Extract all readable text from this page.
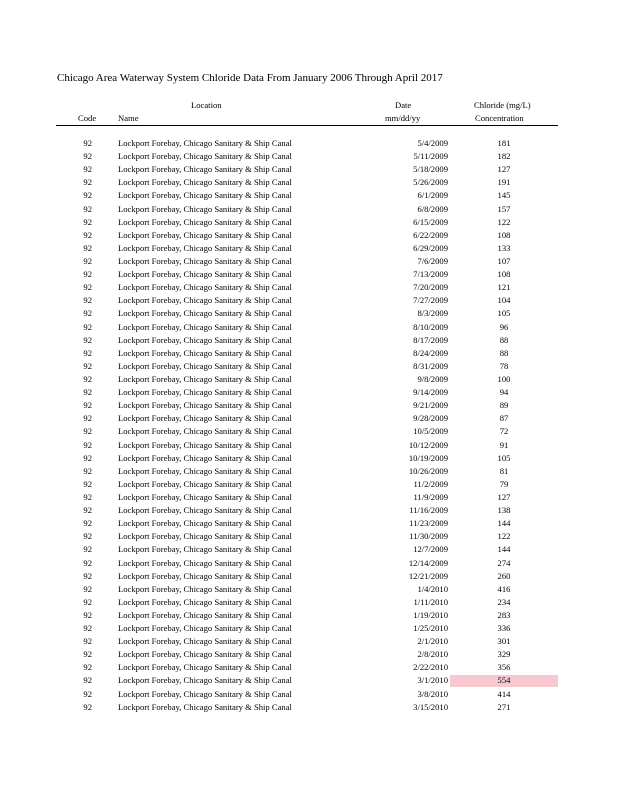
Chicago Area Waterway System Chloride Data From January 2006 Through April 2017
Location	Date	Chloride (mg/L)
Code	Name	mm/dd/yy	Concentration
92	Lockport Forebay, Chicago Sanitary & Ship Canal	5/4/2009	181
92	Lockport Forebay, Chicago Sanitary & Ship Canal	5/11/2009	182
92	Lockport Forebay, Chicago Sanitary & Ship Canal	5/18/2009	127
92	Lockport Forebay, Chicago Sanitary & Ship Canal	5/26/2009	191
92	Lockport Forebay, Chicago Sanitary & Ship Canal	6/1/2009	145
92	Lockport Forebay, Chicago Sanitary & Ship Canal	6/8/2009	157
92	Lockport Forebay, Chicago Sanitary & Ship Canal	6/15/2009	122
92	Lockport Forebay, Chicago Sanitary & Ship Canal	6/22/2009	108
92	Lockport Forebay, Chicago Sanitary & Ship Canal	6/29/2009	133
92	Lockport Forebay, Chicago Sanitary & Ship Canal	7/6/2009	107
92	Lockport Forebay, Chicago Sanitary & Ship Canal	7/13/2009	108
92	Lockport Forebay, Chicago Sanitary & Ship Canal	7/20/2009	121
92	Lockport Forebay, Chicago Sanitary & Ship Canal	7/27/2009	104
92	Lockport Forebay, Chicago Sanitary & Ship Canal	8/3/2009	105
92	Lockport Forebay, Chicago Sanitary & Ship Canal	8/10/2009	96
92	Lockport Forebay, Chicago Sanitary & Ship Canal	8/17/2009	88
92	Lockport Forebay, Chicago Sanitary & Ship Canal	8/24/2009	88
92	Lockport Forebay, Chicago Sanitary & Ship Canal	8/31/2009	78
92	Lockport Forebay, Chicago Sanitary & Ship Canal	9/8/2009	100
92	Lockport Forebay, Chicago Sanitary & Ship Canal	9/14/2009	94
92	Lockport Forebay, Chicago Sanitary & Ship Canal	9/21/2009	89
92	Lockport Forebay, Chicago Sanitary & Ship Canal	9/28/2009	87
92	Lockport Forebay, Chicago Sanitary & Ship Canal	10/5/2009	72
92	Lockport Forebay, Chicago Sanitary & Ship Canal	10/12/2009	91
92	Lockport Forebay, Chicago Sanitary & Ship Canal	10/19/2009	105
92	Lockport Forebay, Chicago Sanitary & Ship Canal	10/26/2009	81
92	Lockport Forebay, Chicago Sanitary & Ship Canal	11/2/2009	79
92	Lockport Forebay, Chicago Sanitary & Ship Canal	11/9/2009	127
92	Lockport Forebay, Chicago Sanitary & Ship Canal	11/16/2009	138
92	Lockport Forebay, Chicago Sanitary & Ship Canal	11/23/2009	144
92	Lockport Forebay, Chicago Sanitary & Ship Canal	11/30/2009	122
92	Lockport Forebay, Chicago Sanitary & Ship Canal	12/7/2009	144
92	Lockport Forebay, Chicago Sanitary & Ship Canal	12/14/2009	274
92	Lockport Forebay, Chicago Sanitary & Ship Canal	12/21/2009	260
92	Lockport Forebay, Chicago Sanitary & Ship Canal	1/4/2010	416
92	Lockport Forebay, Chicago Sanitary & Ship Canal	1/11/2010	234
92	Lockport Forebay, Chicago Sanitary & Ship Canal	1/19/2010	283
92	Lockport Forebay, Chicago Sanitary & Ship Canal	1/25/2010	336
92	Lockport Forebay, Chicago Sanitary & Ship Canal	2/1/2010	301
92	Lockport Forebay, Chicago Sanitary & Ship Canal	2/8/2010	329
92	Lockport Forebay, Chicago Sanitary & Ship Canal	2/22/2010	356
92	Lockport Forebay, Chicago Sanitary & Ship Canal	3/1/2010	554
92	Lockport Forebay, Chicago Sanitary & Ship Canal	3/8/2010	414
92	Lockport Forebay, Chicago Sanitary & Ship Canal	3/15/2010	271
